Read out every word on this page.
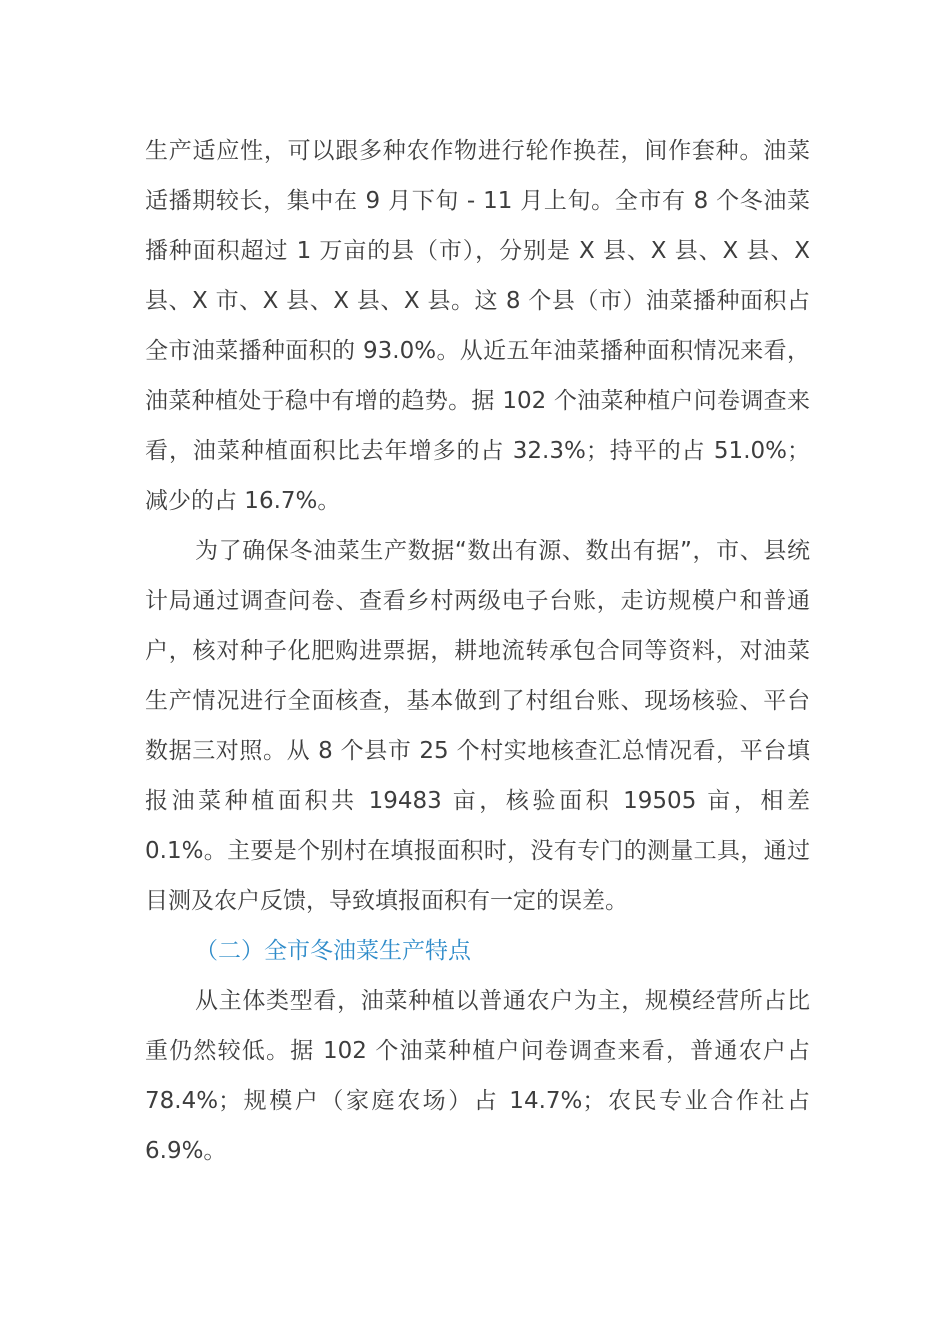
生产适应性，可以跟多种农作物进行轮作换茬，间作套种。油菜适播期较长，集中在 9 月下旬 - 11 月上旬。全市有 8 个冬油菜播种面积超过 1 万亩的县（市），分别是 X 县、X 县、X 县、X 县、X 市、X 县、X 县、X 县。这 8 个县（市）油菜播种面积占全市油菜播种面积的 93.0%。从近五年油菜播种面积情况来看，油菜种植处于稳中有增的趋势。据 102 个油菜种植户问卷调查来看，油菜种植面积比去年增多的占 32.3%；持平的占 51.0%；减少的占 16.7%。

为了确保冬油菜生产数据“数出有源、数出有据”，市、县统计局通过调查问卷、查看乡村两级电子台账，走访规模户和普通户，核对种子化肥购进票据，耕地流转承包合同等资料，对油菜生产情况进行全面核查，基本做到了村组台账、现场核验、平台数据三对照。从 8 个县市 25 个村实地核查汇总情况看，平台填报油菜种植面积共 19483 亩，核验面积 19505 亩，相差 0.1%。主要是个别村在填报面积时，没有专门的测量工具，通过目测及农户反馈，导致填报面积有一定的误差。

（二）全市冬油菜生产特点

从主体类型看，油菜种植以普通农户为主，规模经营所占比重仍然较低。据 102 个油菜种植户问卷调查来看，普通农户占 78.4%；规模户（家庭农场）占 14.7%；农民专业合作社占 6.9%。
